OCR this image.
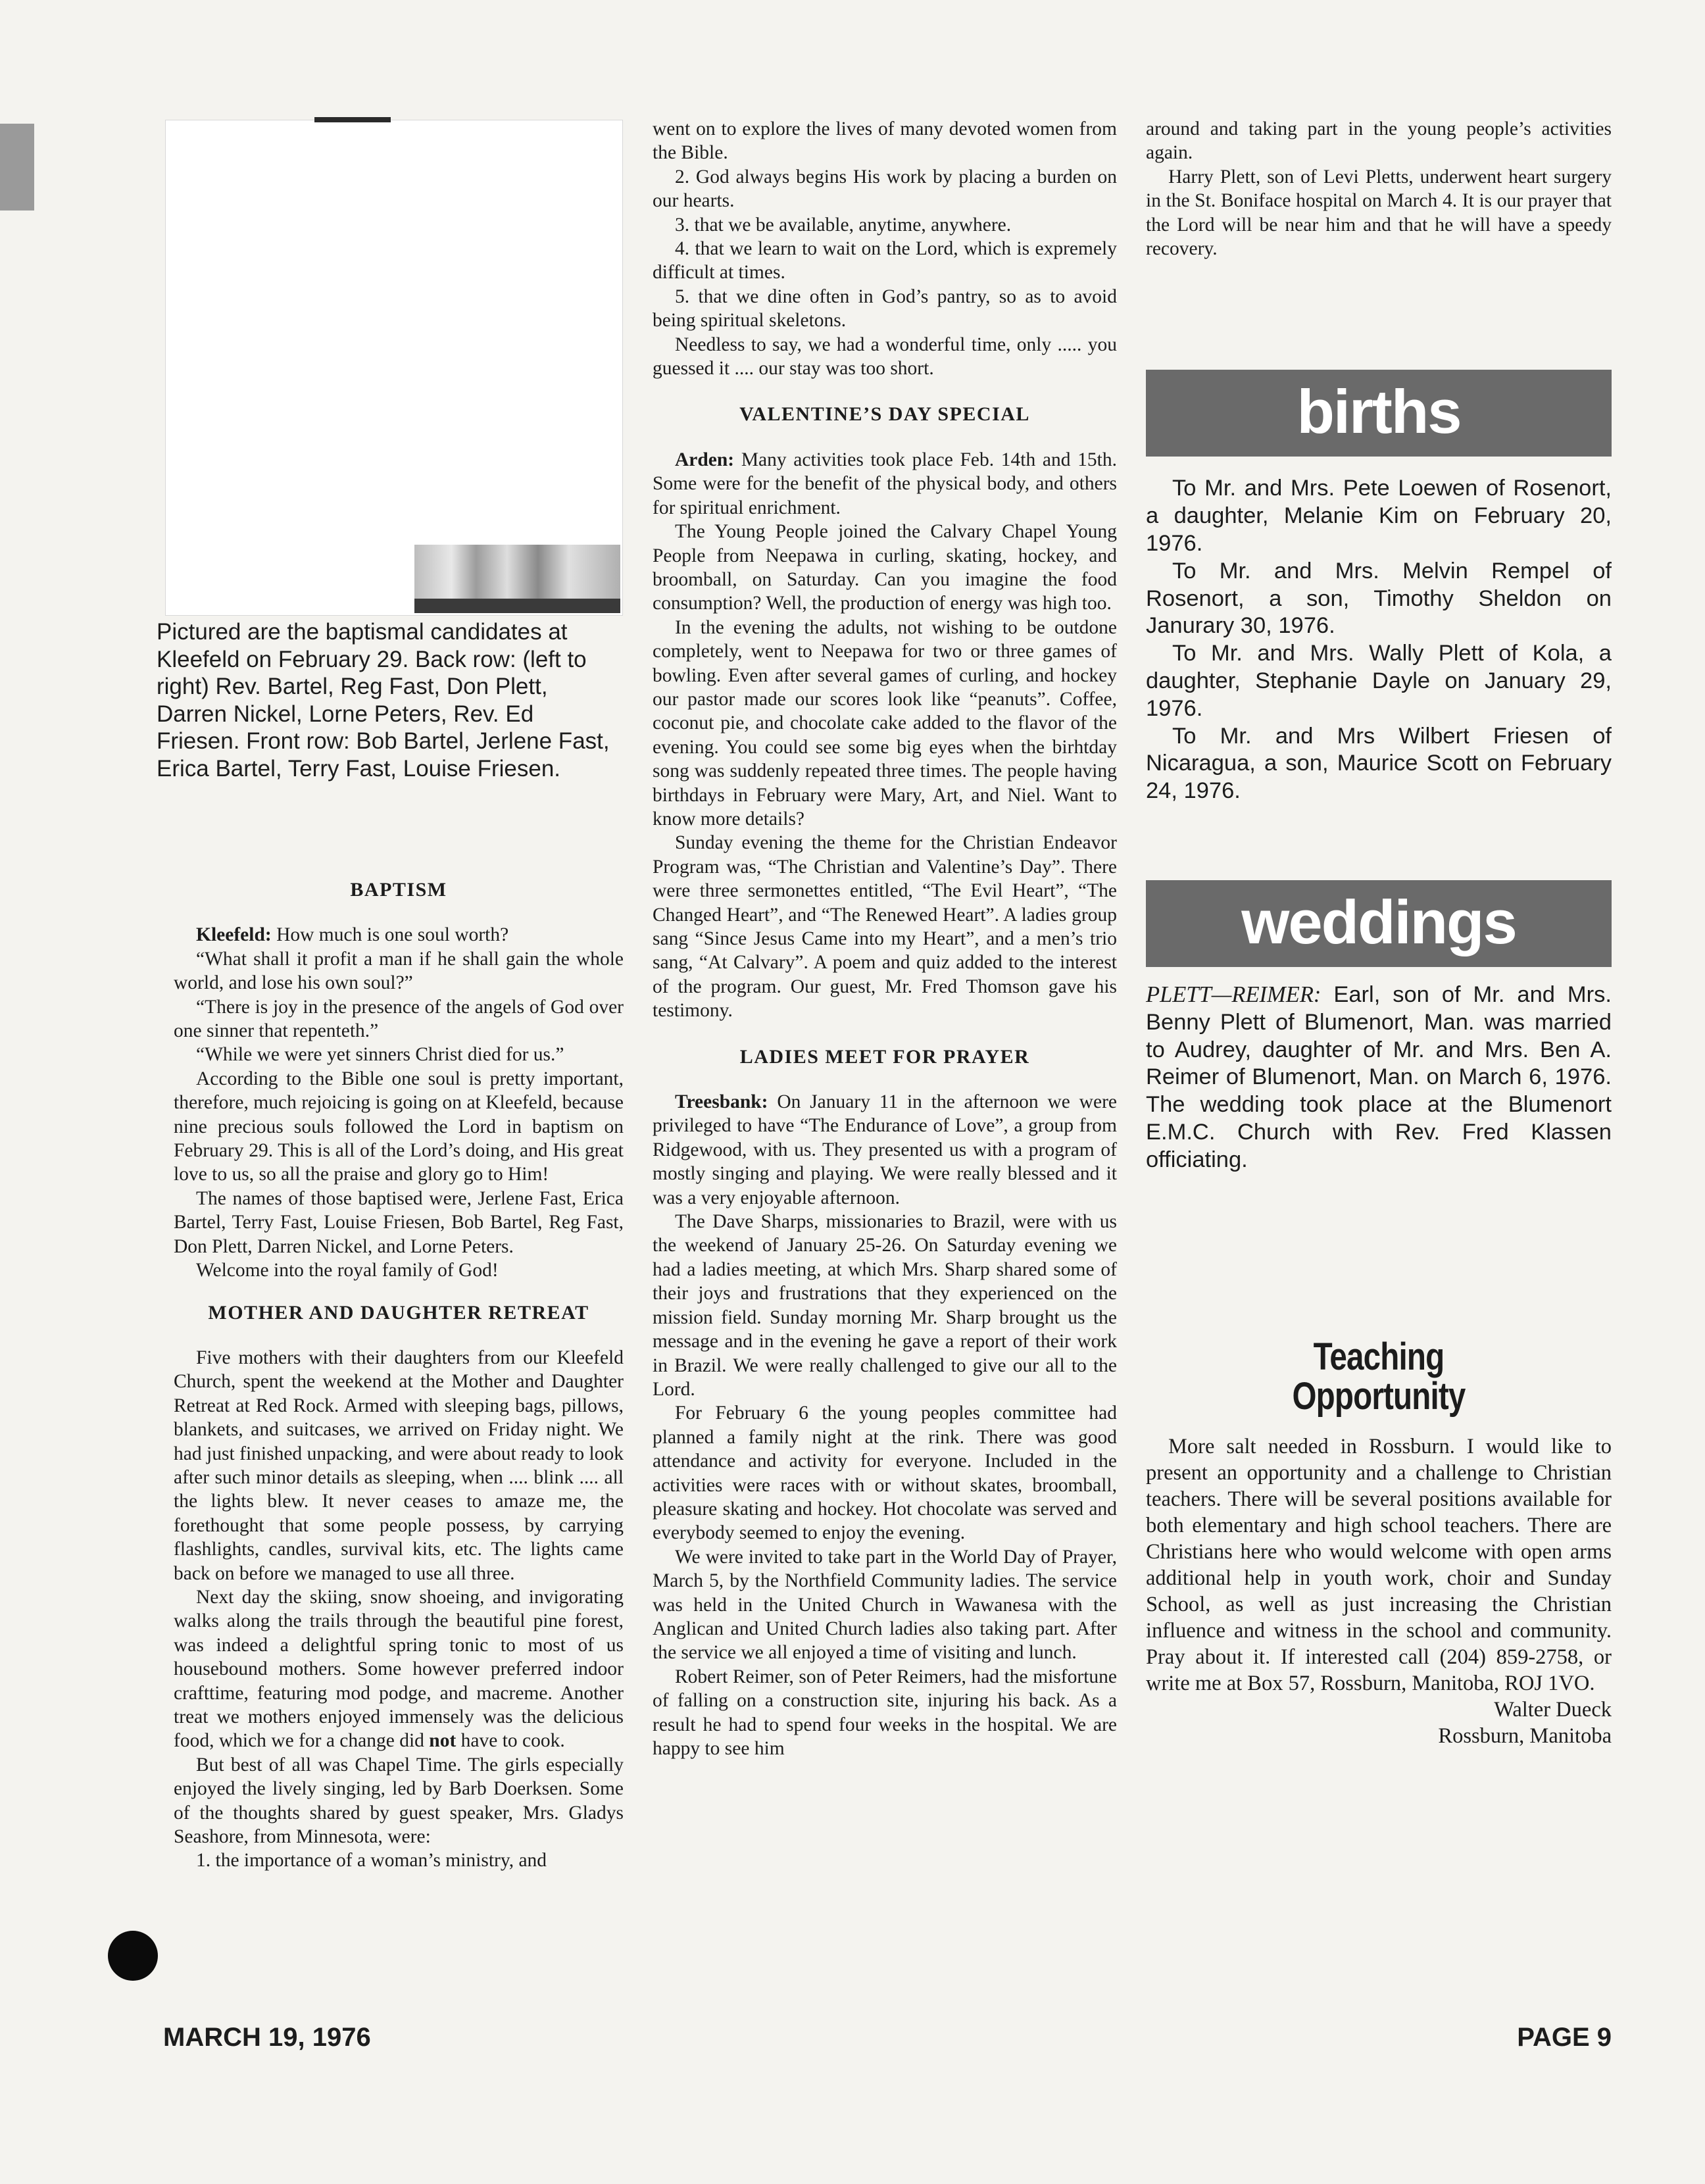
Pictured are the baptismal candidates at Kleefeld on February 29. Back row: (left to right) Rev. Bartel, Reg Fast, Don Plett, Darren Nickel, Lorne Peters, Rev. Ed Friesen. Front row: Bob Bartel, Jerlene Fast, Erica Bartel, Terry Fast, Louise Friesen.
BAPTISM

Kleefeld: How much is one soul worth?

“What shall it profit a man if he shall gain the whole world, and lose his own soul?”

“There is joy in the presence of the angels of God over one sinner that repenteth.”

“While we were yet sinners Christ died for us.”

According to the Bible one soul is pretty important, therefore, much rejoicing is going on at Kleefeld, because nine precious souls followed the Lord in baptism on February 29. This is all of the Lord’s doing, and His great love to us, so all the praise and glory go to Him!

The names of those baptised were, Jerlene Fast, Erica Bartel, Terry Fast, Louise Friesen, Bob Bartel, Reg Fast, Don Plett, Darren Nickel, and Lorne Peters.

Welcome into the royal family of God!

MOTHER AND DAUGHTER RETREAT

Five mothers with their daughters from our Kleefeld Church, spent the weekend at the Mother and Daughter Retreat at Red Rock. Armed with sleeping bags, pillows, blankets, and suitcases, we arrived on Friday night. We had just finished unpacking, and were about ready to look after such minor details as sleeping, when .... blink .... all the lights blew. It never ceases to amaze me, the forethought that some people possess, by carrying flashlights, candles, survival kits, etc. The lights came back on before we managed to use all three.

Next day the skiing, snow shoeing, and invigorating walks along the trails through the beautiful pine forest, was indeed a delightful spring tonic to most of us housebound mothers. Some however preferred indoor crafttime, featuring mod podge, and macreme. Another treat we mothers enjoyed immensely was the delicious food, which we for a change did not have to cook.

But best of all was Chapel Time. The girls especially enjoyed the lively singing, led by Barb Doerksen. Some of the thoughts shared by guest speaker, Mrs. Gladys Seashore, from Minnesota, were:

1. the importance of a woman’s ministry, and

went on to explore the lives of many devoted women from the Bible.

2. God always begins His work by placing a burden on our hearts.

3. that we be available, anytime, anywhere.

4. that we learn to wait on the Lord, which is expremely difficult at times.

5. that we dine often in God’s pantry, so as to avoid being spiritual skeletons.

Needless to say, we had a wonderful time, only ..... you guessed it .... our stay was too short.

VALENTINE’S DAY SPECIAL

Arden: Many activities took place Feb. 14th and 15th. Some were for the benefit of the physical body, and others for spiritual enrichment.

The Young People joined the Calvary Chapel Young People from Neepawa in curling, skating, hockey, and broomball, on Saturday. Can you imagine the food consumption? Well, the production of energy was high too.

In the evening the adults, not wishing to be outdone completely, went to Neepawa for two or three games of bowling. Even after several games of curling, and hockey our pastor made our scores look like “peanuts”. Coffee, coconut pie, and chocolate cake added to the flavor of the evening. You could see some big eyes when the birhtday song was suddenly repeated three times. The people having birthdays in February were Mary, Art, and Niel. Want to know more details?

Sunday evening the theme for the Christian Endeavor Program was, “The Christian and Valentine’s Day”. There were three sermonettes entitled, “The Evil Heart”, “The Changed Heart”, and “The Renewed Heart”. A ladies group sang “Since Jesus Came into my Heart”, and a men’s trio sang, “At Calvary”. A poem and quiz added to the interest of the program. Our guest, Mr. Fred Thomson gave his testimony.

LADIES MEET FOR PRAYER

Treesbank: On January 11 in the afternoon we were privileged to have “The Endurance of Love”, a group from Ridgewood, with us. They presented us with a program of mostly singing and playing. We were really blessed and it was a very enjoyable afternoon.

The Dave Sharps, missionaries to Brazil, were with us the weekend of January 25-26. On Saturday evening we had a ladies meeting, at which Mrs. Sharp shared some of their joys and frustrations that they experienced on the mission field. Sunday morning Mr. Sharp brought us the message and in the evening he gave a report of their work in Brazil. We were really challenged to give our all to the Lord.

For February 6 the young peoples committee had planned a family night at the rink. There was good attendance and activity for everyone. Included in the activities were races with or without skates, broomball, pleasure skating and hockey. Hot chocolate was served and everybody seemed to enjoy the evening.

We were invited to take part in the World Day of Prayer, March 5, by the Northfield Community ladies. The service was held in the United Church in Wawanesa with the Anglican and United Church ladies also taking part. After the service we all enjoyed a time of visiting and lunch.

Robert Reimer, son of Peter Reimers, had the misfortune of falling on a construction site, injuring his back. As a result he had to spend four weeks in the hospital. We are happy to see him

around and taking part in the young people’s activities again.

Harry Plett, son of Levi Pletts, underwent heart surgery in the St. Boniface hospital on March 4. It is our prayer that the Lord will be near him and that he will have a speedy recovery.

births

To Mr. and Mrs. Pete Loewen of Rosenort, a daughter, Melanie Kim on February 20, 1976.

To Mr. and Mrs. Melvin Rempel of Rosenort, a son, Timothy Sheldon on Janurary 30, 1976.

To Mr. and Mrs. Wally Plett of Kola, a daughter, Stephanie Dayle on January 29, 1976.

To Mr. and Mrs Wilbert Friesen of Nicaragua, a son, Maurice Scott on February 24, 1976.

weddings

PLETT—REIMER: Earl, son of Mr. and Mrs. Benny Plett of Blumenort, Man. was married to Audrey, daughter of Mr. and Mrs. Ben A. Reimer of Blumenort, Man. on March 6, 1976. The wedding took place at the Blumenort E.M.C. Church with Rev. Fred Klassen officiating.

Teaching
Opportunity

More salt needed in Rossburn. I would like to present an opportunity and a challenge to Christian teachers. There will be several positions available for both elementary and high school teachers. There are Christians here who would welcome with open arms additional help in youth work, choir and Sunday School, as well as just increasing the Christian influence and witness in the school and community. Pray about it. If interested call (204) 859-2758, or write me at Box 57, Rossburn, Manitoba, ROJ 1VO.

Walter Dueck
Rossburn, Manitoba
MARCH 19, 1976	PAGE 9
